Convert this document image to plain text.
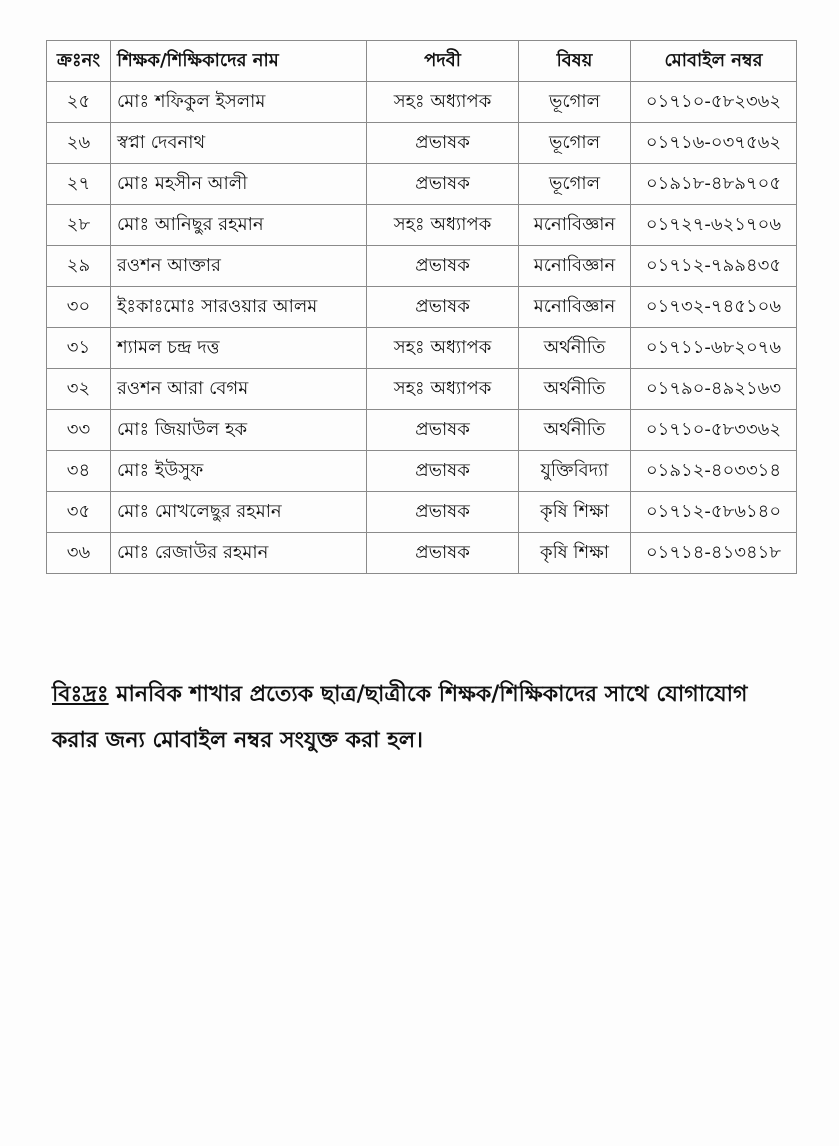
ক্রঃনং	শিক্ষক/শিক্ষিকাদের নাম	পদবী	বিষয়	মোবাইল নম্বর
২৫	মোঃ শফিকুল ইসলাম	সহঃ অধ্যাপক	ভূগোল	০১৭১০-৫৮২৩৬২
২৬	স্বপ্না দেবনাথ	প্রভাষক	ভূগোল	০১৭১৬-০৩৭৫৬২
২৭	মোঃ মহসীন আলী	প্রভাষক	ভূগোল	০১৯১৮-৪৮৯৭০৫
২৮	মোঃ আনিছুর রহমান	সহঃ অধ্যাপক	মনোবিজ্ঞান	০১৭২৭-৬২১৭০৬
২৯	রওশন আক্তার	প্রভাষক	মনোবিজ্ঞান	০১৭১২-৭৯৯৪৩৫
৩০	ইঃকাঃমোঃ সারওয়ার আলম	প্রভাষক	মনোবিজ্ঞান	০১৭৩২-৭৪৫১০৬
৩১	শ্যামল চন্দ্র দত্ত	সহঃ অধ্যাপক	অর্থনীতি	০১৭১১-৬৮২০৭৬
৩২	রওশন আরা বেগম	সহঃ অধ্যাপক	অর্থনীতি	০১৭৯০-৪৯২১৬৩
৩৩	মোঃ জিয়াউল হক	প্রভাষক	অর্থনীতি	০১৭১০-৫৮৩৩৬২
৩৪	মোঃ ইউসুফ	প্রভাষক	যুক্তিবিদ্যা	০১৯১২-৪০৩৩১৪
৩৫	মোঃ মোখলেছুর রহমান	প্রভাষক	কৃষি শিক্ষা	০১৭১২-৫৮৬১৪০
৩৬	মোঃ রেজাউর রহমান	প্রভাষক	কৃষি শিক্ষা	০১৭১৪-৪১৩৪১৮

বিঃদ্রঃ মানবিক শাখার প্রত্যেক ছাত্র/ছাত্রীকে শিক্ষক/শিক্ষিকাদের সাথে যোগাযোগ করার জন্য মোবাইল নম্বর সংযুক্ত করা হল।
